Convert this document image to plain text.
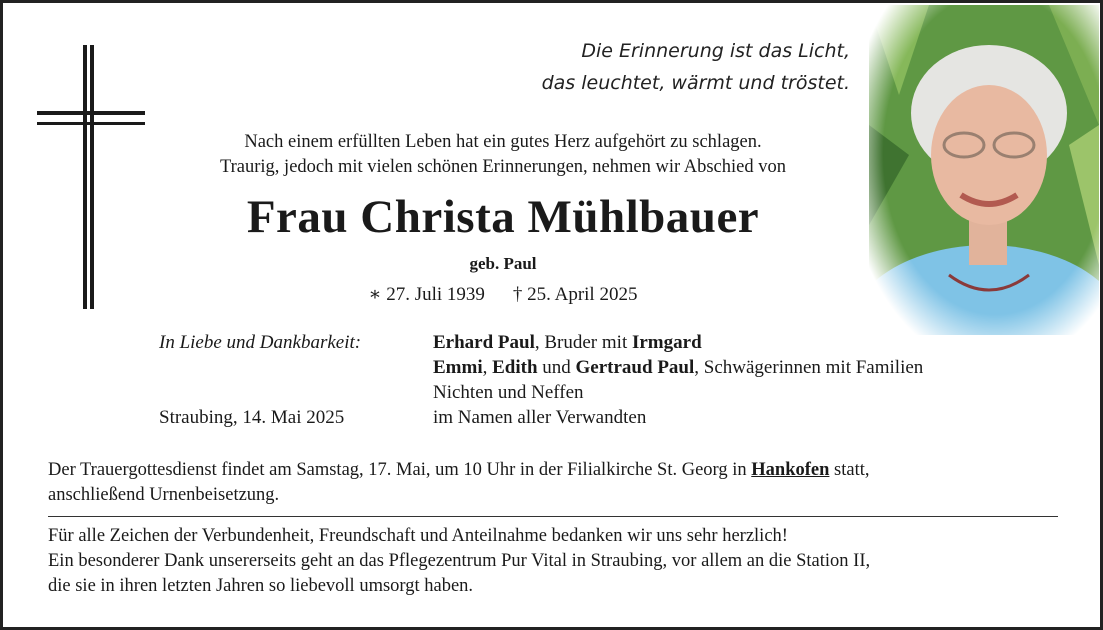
Die Erinnerung ist das Licht,
das leuchtet, wärmt und tröstet.
Nach einem erfüllten Leben hat ein gutes Herz aufgehört zu schlagen.
Traurig, jedoch mit vielen schönen Erinnerungen, nehmen wir Abschied von
Frau Christa Mühlbauer
geb. Paul
∗ 27. Juli 1939 † 25. April 2025
In Liebe und Dankbarkeit:	Erhard Paul, Bruder mit Irmgard
Emmi, Edith und Gertraud Paul, Schwägerinnen mit Familien
Nichten und Neffen
Straubing, 14. Mai 2025	im Namen aller Verwandten
Der Trauergottesdienst findet am Samstag, 17. Mai, um 10 Uhr in der Filialkirche St. Georg in Hankofen statt,
anschließend Urnenbeisetzung.
Für alle Zeichen der Verbundenheit, Freundschaft und Anteilnahme bedanken wir uns sehr herzlich!
Ein besonderer Dank unsererseits geht an das Pflegezentrum Pur Vital in Straubing, vor allem an die Station II,
die sie in ihren letzten Jahren so liebevoll umsorgt haben.
